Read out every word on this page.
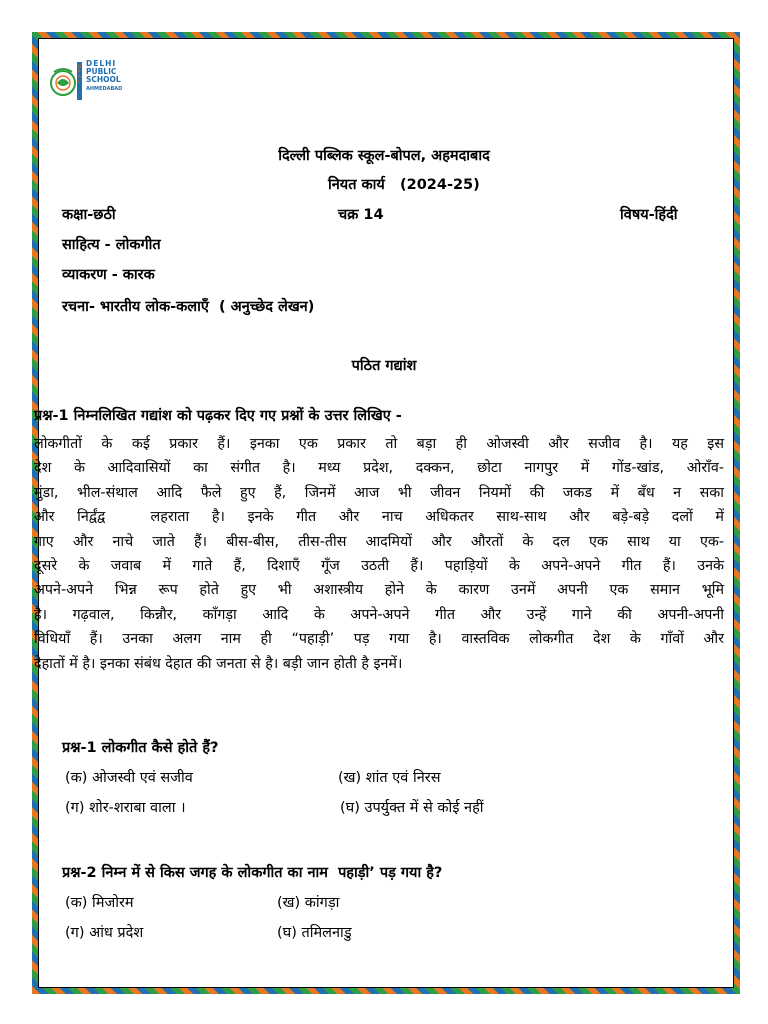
OPAL
DELHI
PUBLIC
SCHOOL
AHMEDABAD
दिल्ली पब्लिक स्कूल-बोपल, अहमदाबाद
नियत कार्य   (2024-25)
कक्षा-छठी	चक्र 14	विषय-हिंदी
साहित्य - लोकगीत
व्याकरण - कारक
रचना- भारतीय लोक-कलाएँ  ( अनुच्छेद लेखन)
पठित गद्यांश
प्रश्न-1 निम्नलिखित गद्यांश को पढ़कर दिए गए प्रश्नों के उत्तर लिखिए -
लोकगीतों के कई प्रकार हैं। इनका एक प्रकार तो बड़ा ही ओजस्वी और सजीव है। यह इस
देश के आदिवासियों का संगीत है। मध्य प्रदेश, दक्कन, छोटा नागपुर में गोंड-खांड, ओराँव-
मुंडा, भील-संथाल आदि फैले हुए हैं, जिनमें आज भी जीवन नियमों की जकड में बँध न सका
और निर्द्वंद्व  लहराता है। इनके गीत और नाच अधिकतर साथ-साथ और बड़े-बड़े दलों में
गाए और नाचे जाते हैं। बीस-बीस, तीस-तीस आदमियों और औरतों के दल एक साथ या एक-
दूसरे के जवाब में गाते हैं, दिशाएँ गूँज उठती हैं। पहाड़ियों के अपने-अपने गीत हैं। उनके
अपने-अपने भिन्न रूप होते हुए भी अशास्त्रीय होने के कारण उनमें अपनी एक समान भूमि
है। गढ़वाल, किन्नौर, काँगड़ा आदि के अपने-अपने गीत और उन्हें गाने की अपनी-अपनी
विधियाँ हैं। उनका अलग नाम ही “पहाड़ी’ पड़ गया है। वास्तविक लोकगीत देश के गाँवों और
देहातों में है। इनका संबंध देहात की जनता से है। बड़ी जान होती है इनमें।
प्रश्न-1 लोकगीत कैसे होते हैं?
(क) ओजस्वी एवं सजीव	(ख) शांत एवं निरस
(ग) शोर-शराबा वाला ।	(घ) उपर्युक्त में से कोई नहीं
प्रश्न-2 निम्न में से किस जगह के लोकगीत का नाम  पहाड़ी’ पड़ गया है?
(क) मिजोरम	(ख) कांगड़ा
(ग) आंध प्रदेश	(घ) तमिलनाडु
